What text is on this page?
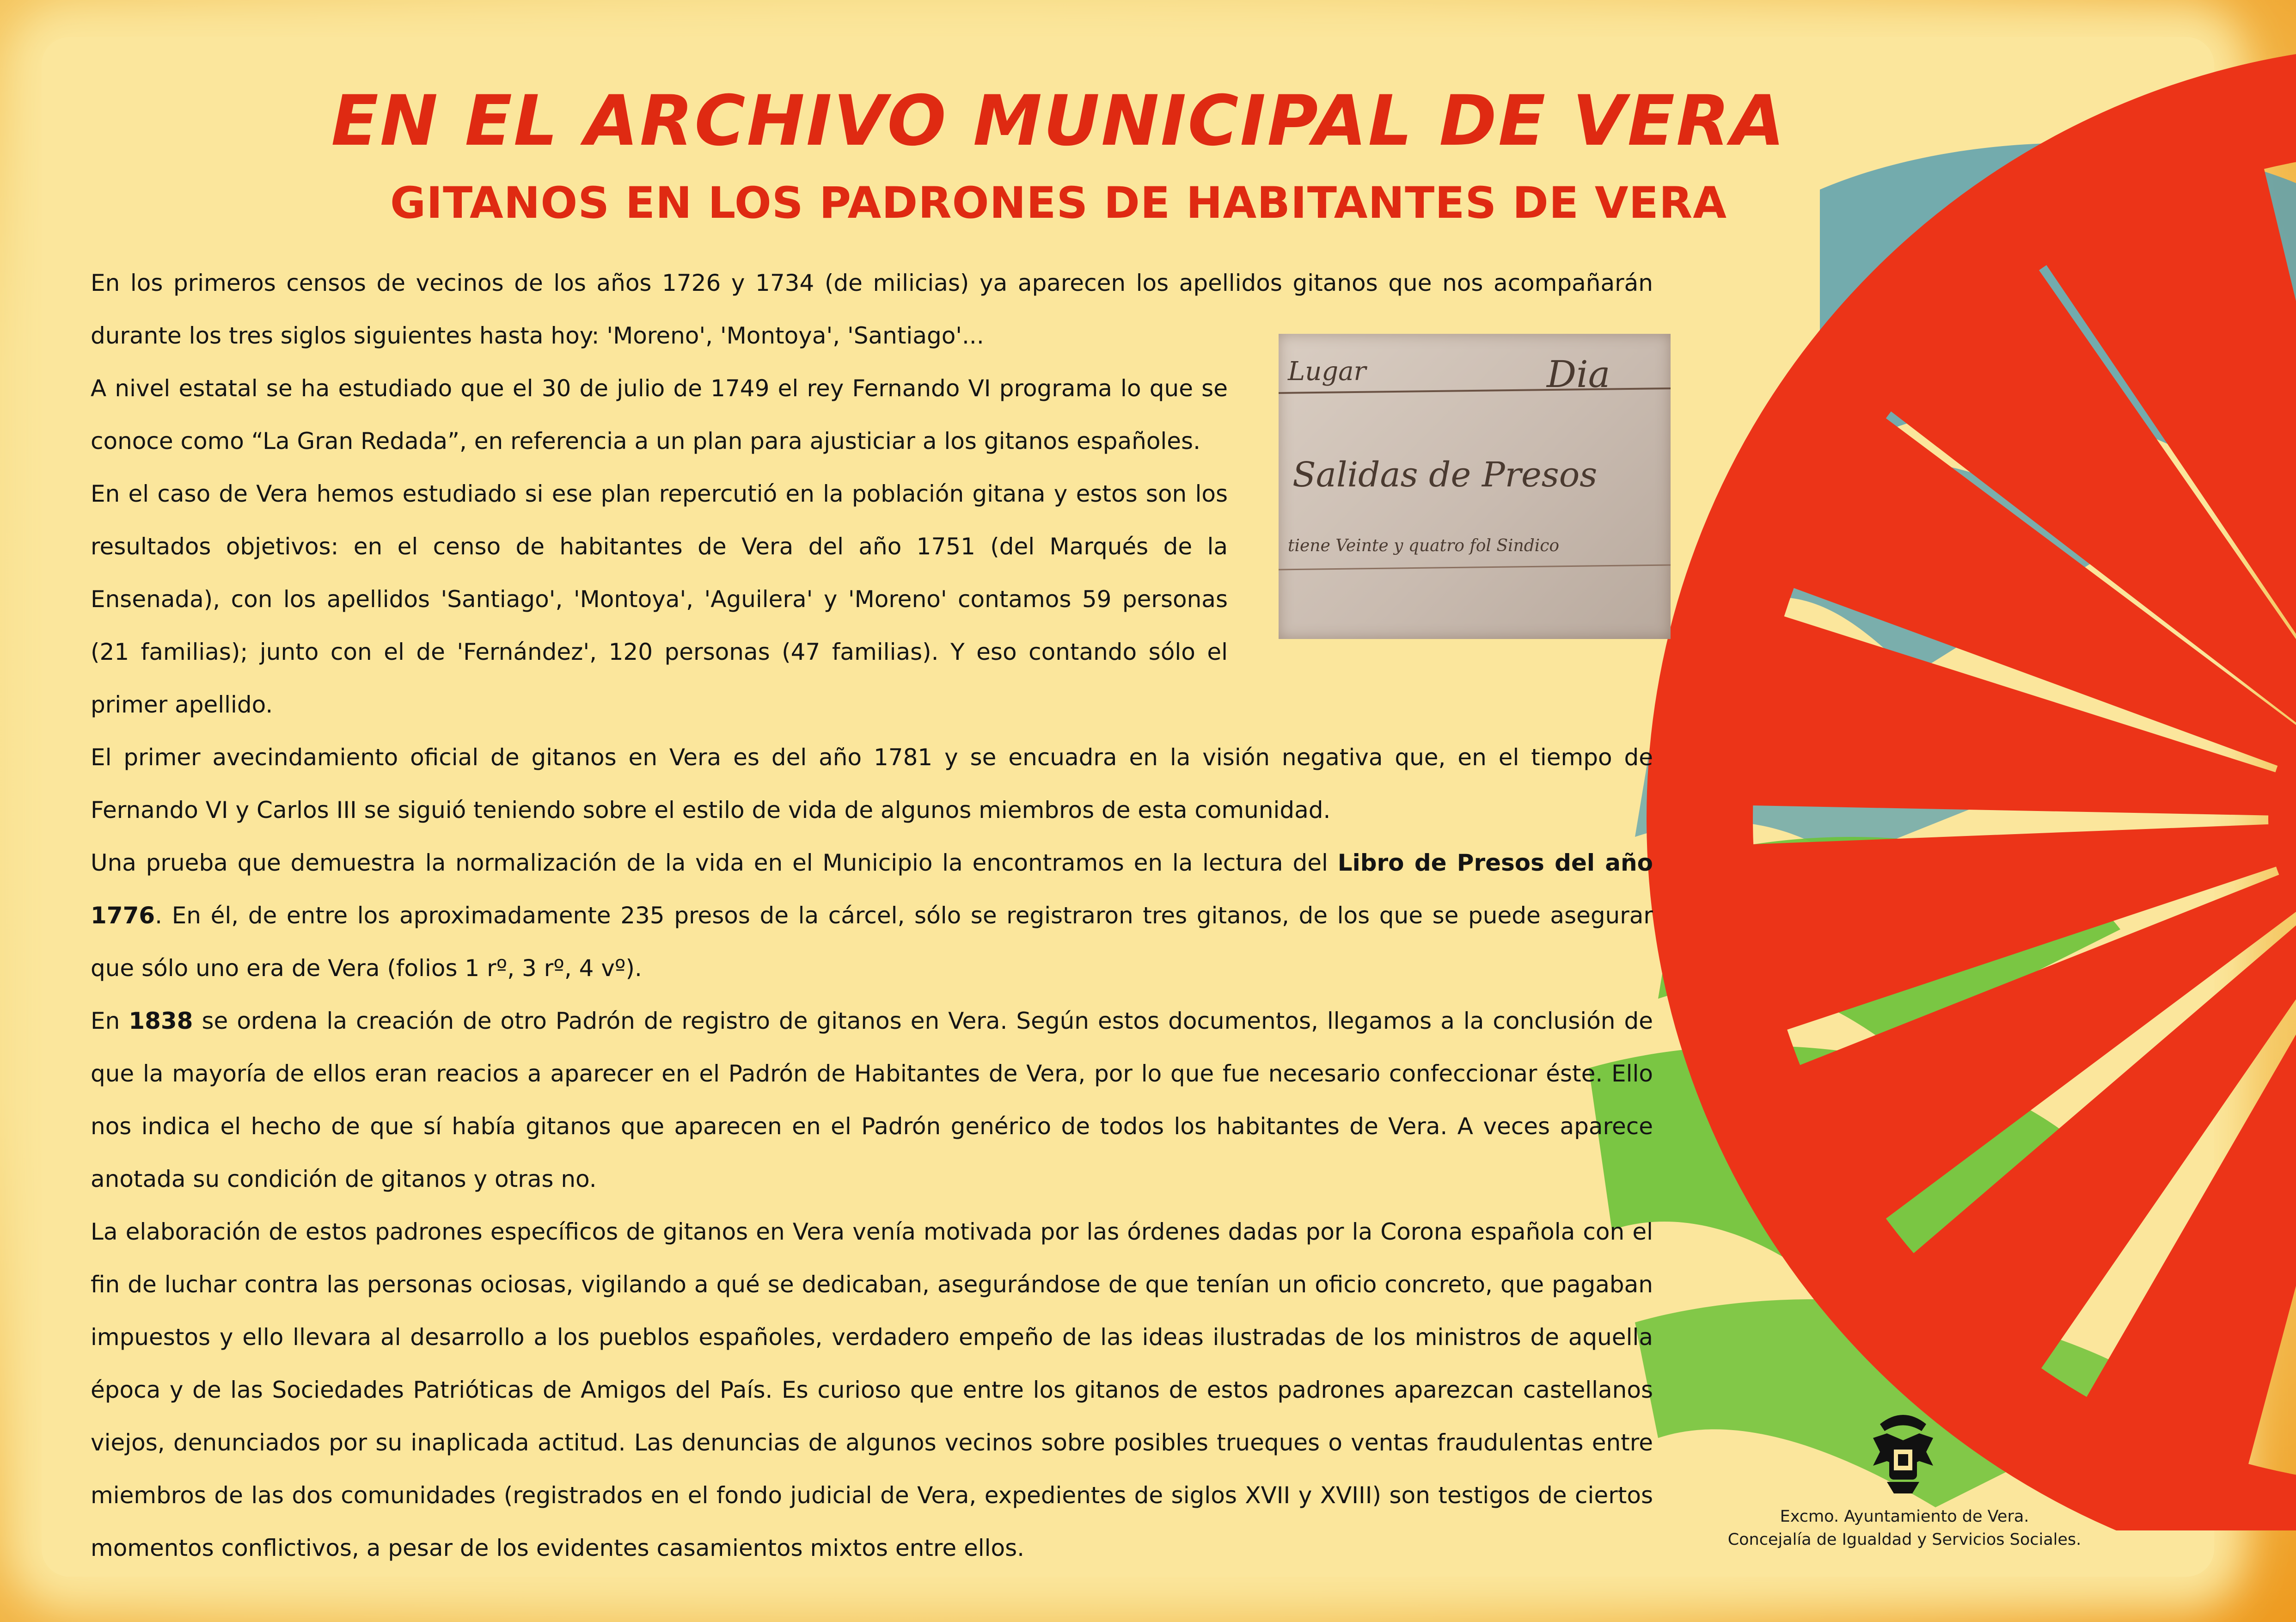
EN EL ARCHIVO MUNICIPAL DE VERA
GITANOS EN LOS PADRONES DE HABITANTES DE VERA
Lugar	Dia
Salidas de Presos
tiene Veinte y quatro fol Sindico

En los primeros censos de vecinos de los años 1726 y 1734 (de milicias) ya aparecen los apellidos gitanos que nos acompañarán durante los tres siglos siguientes hasta hoy: 'Moreno', 'Montoya', 'Santiago'...

A nivel estatal se ha estudiado que el 30 de julio de 1749 el rey Fernando VI programa lo que se conoce como “La Gran Redada”, en referencia a un plan para ajusticiar a los gitanos españoles.

En el caso de Vera hemos estudiado si ese plan repercutió en la población gitana y estos son los resultados objetivos: en el censo de habitantes de Vera del año 1751 (del Marqués de la Ensenada), con los apellidos 'Santiago', 'Montoya', 'Aguilera' y 'Moreno' contamos 59 personas (21 familias); junto con el de 'Fernández', 120 personas (47 familias). Y eso contando sólo el primer apellido.

El primer avecindamiento oficial de gitanos en Vera es del año 1781 y se encuadra en la visión negativa que, en el tiempo de Fernando VI y Carlos III se siguió teniendo sobre el estilo de vida de algunos miembros de esta comunidad.

Una prueba que demuestra la normalización de la vida en el Municipio la encontramos en la lectura del Libro de Presos del año 1776. En él, de entre los aproximadamente 235 presos de la cárcel, sólo se registraron tres gitanos, de los que se puede asegurar que sólo uno era de Vera (folios 1 rº, 3 rº, 4 vº).

En 1838 se ordena la creación de otro Padrón de registro de gitanos en Vera. Según estos documentos, llegamos a la conclusión de que la mayoría de ellos eran reacios a aparecer en el Padrón de Habitantes de Vera, por lo que fue necesario confeccionar éste. Ello nos indica el hecho de que sí había gitanos que aparecen en el Padrón genérico de todos los habitantes de Vera. A veces aparece anotada su condición de gitanos y otras no.

La elaboración de estos padrones específicos de gitanos en Vera venía motivada por las órdenes dadas por la Corona española con el fin de luchar contra las personas ociosas, vigilando a qué se dedicaban, asegurándose de que tenían un oficio concreto, que pagaban impuestos y ello llevara al desarrollo a los pueblos españoles, verdadero empeño de las ideas ilustradas de los ministros de aquella época y de las Sociedades Patrióticas de Amigos del País. Es curioso que entre los gitanos de estos padrones aparezcan castellanos viejos, denunciados por su inaplicada actitud. Las denuncias de algunos vecinos sobre posibles trueques o ventas fraudulentas entre miembros de las dos comunidades (registrados en el fondo judicial de Vera, expedientes de siglos XVII y XVIII) son testigos de ciertos momentos conflictivos, a pesar de los evidentes casamientos mixtos entre ellos.

Excmo. Ayuntamiento de Vera.
Concejalía de Igualdad y Servicios Sociales.
